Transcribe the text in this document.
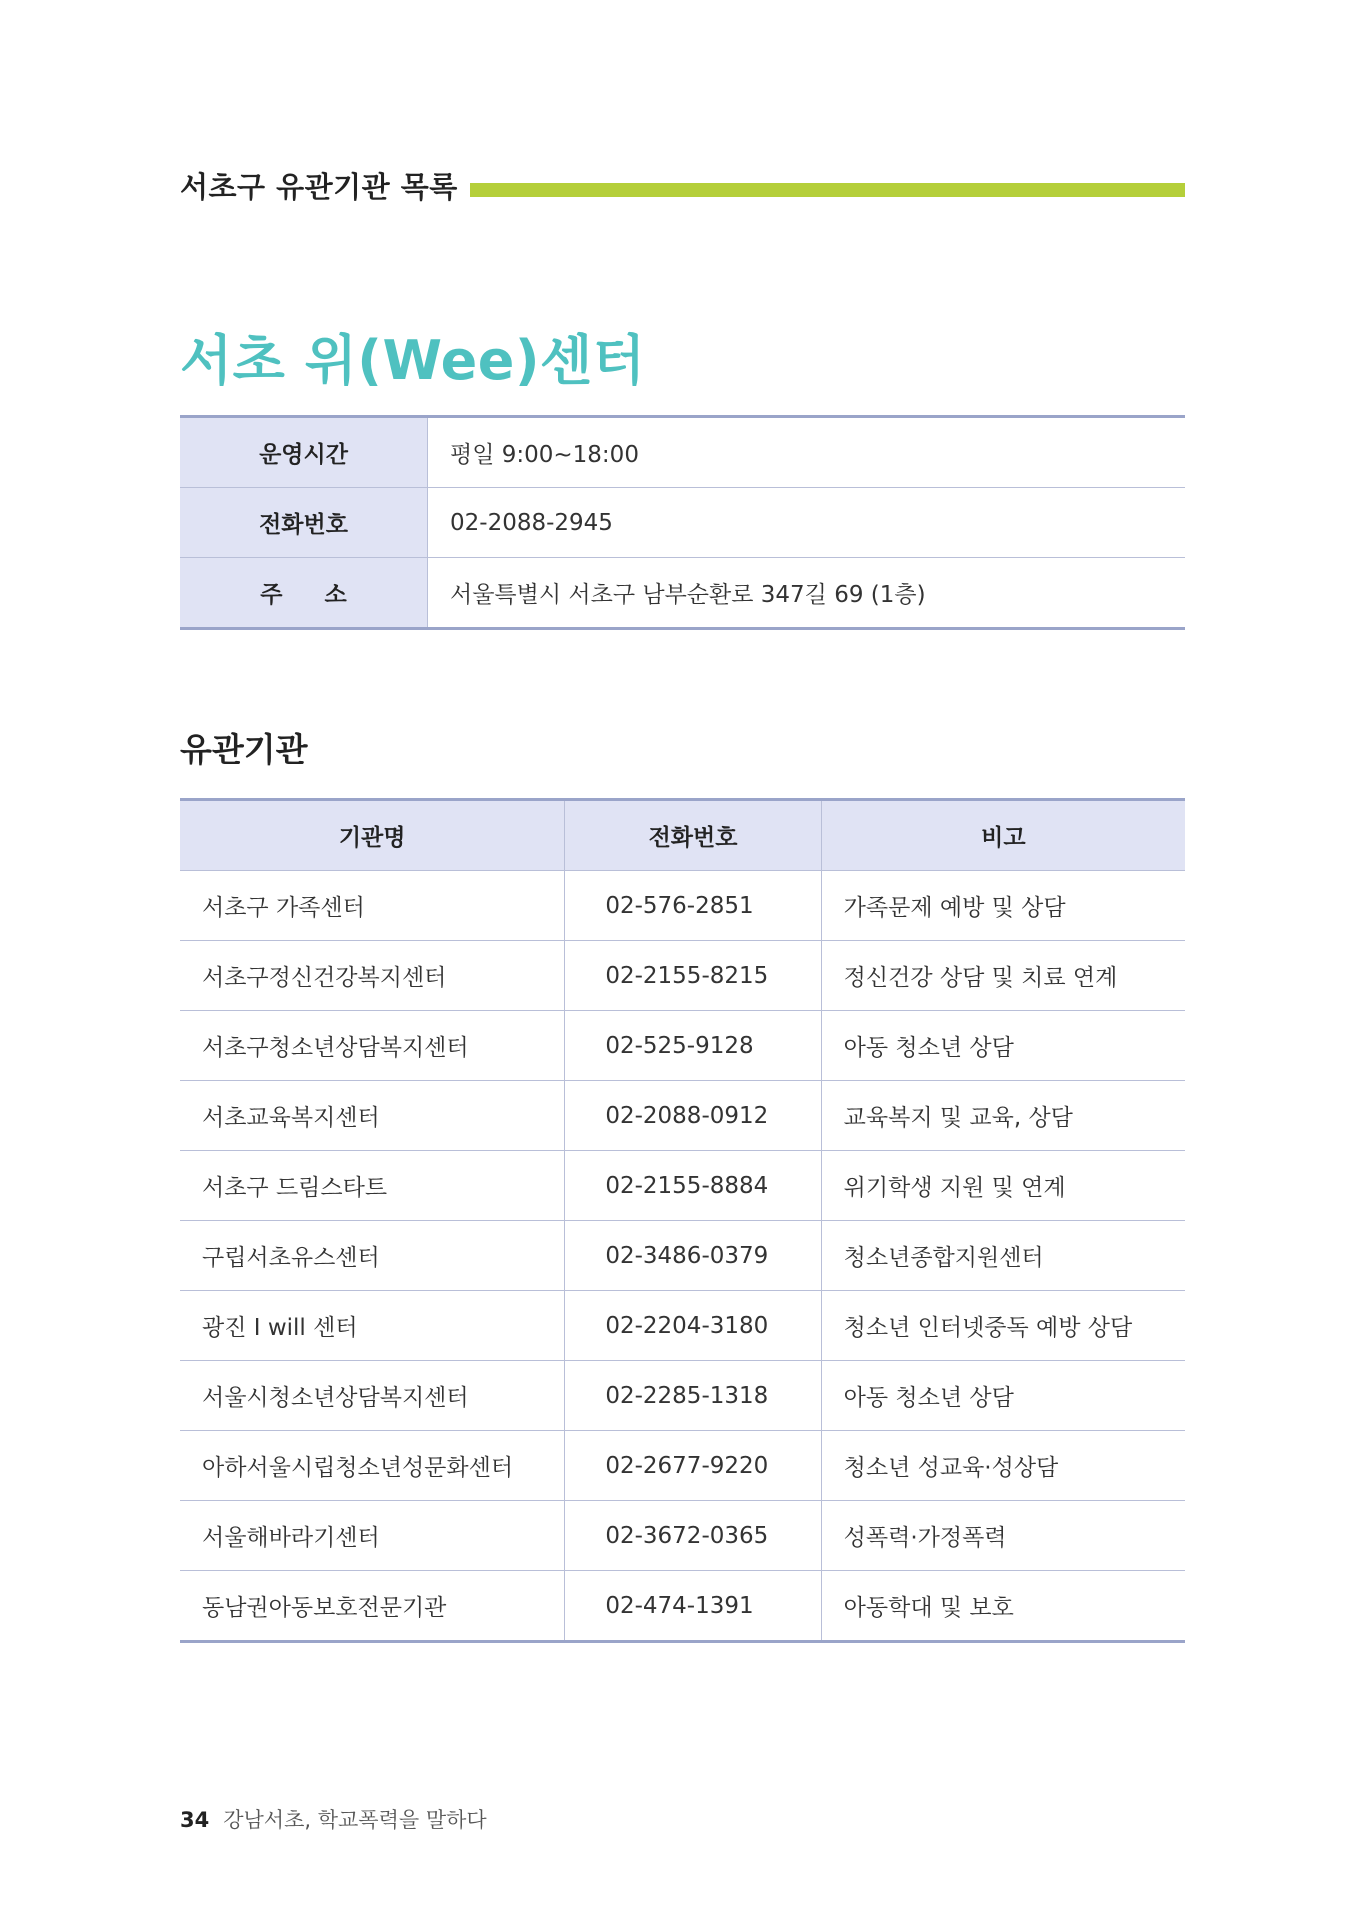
서초구 유관기관 목록
서초 위(Wee)센터
운영시간	평일 9:00~18:00
전화번호	02-2088-2945

주 소	서울특별시 서초구 남부순환로 347길 69 (1층)
유관기관
기관명	전화번호	비고
서초구 가족센터	02-576-2851	가족문제 예방 및 상담
서초구정신건강복지센터	02-2155-8215	정신건강 상담 및 치료 연계
서초구청소년상담복지센터	02-525-9128	아동 청소년 상담
서초교육복지센터	02-2088-0912	교육복지 및 교육, 상담
서초구 드림스타트	02-2155-8884	위기학생 지원 및 연계
구립서초유스센터	02-3486-0379	청소년종합지원센터
광진 I will 센터	02-2204-3180	청소년 인터넷중독 예방 상담
서울시청소년상담복지센터	02-2285-1318	아동 청소년 상담
아하서울시립청소년성문화센터	02-2677-9220	청소년 성교육·성상담
서울해바라기센터	02-3672-0365	성폭력·가정폭력
동남권아동보호전문기관	02-474-1391	아동학대 및 보호
34 강남서초, 학교폭력을 말하다
